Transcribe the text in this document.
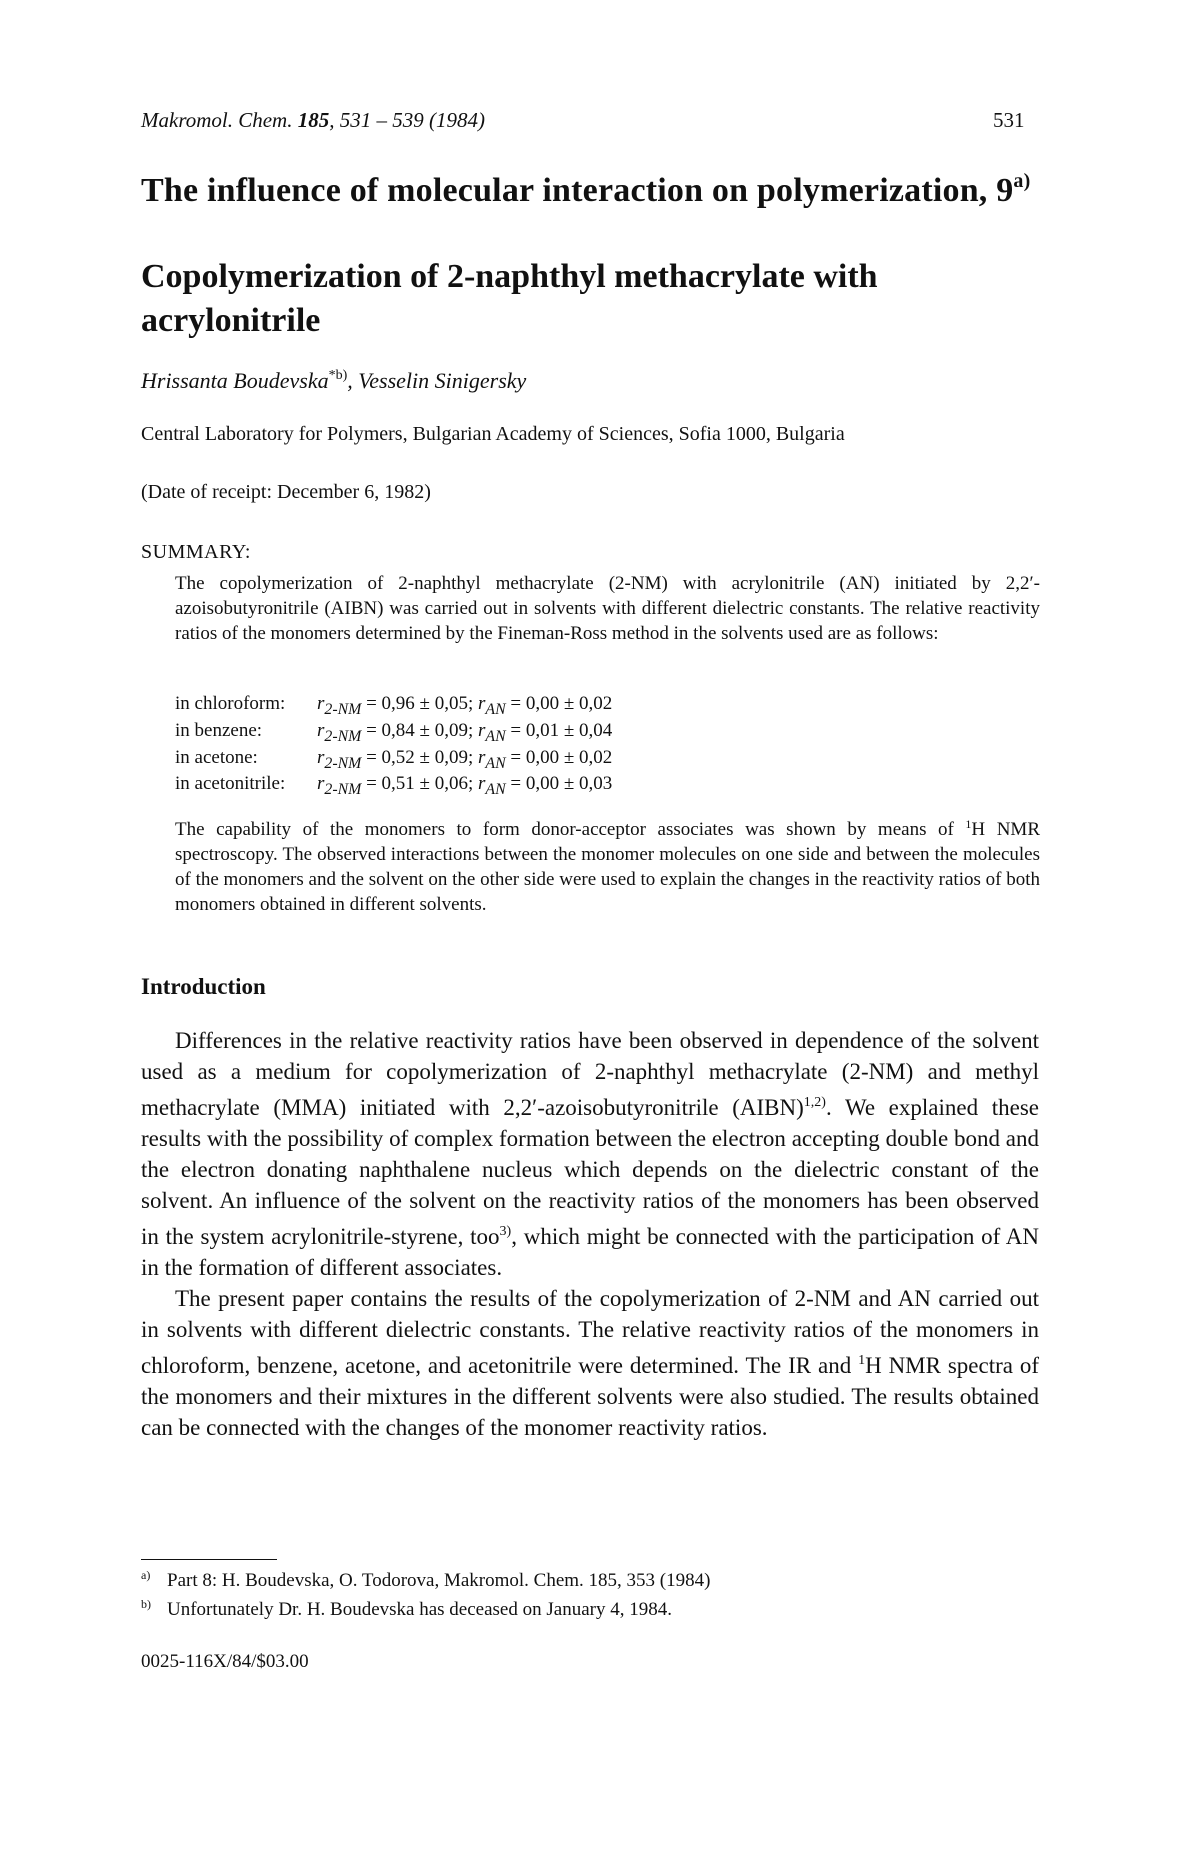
Makromol. Chem. 185, 531 – 539 (1984)	531
The influence of molecular interaction on polymerization, 9$^{a)}$
Copolymerization of 2-naphthyl methacrylate with acrylonitrile
Hrissanta Boudevska$^{*b)}$, Vesselin Sinigersky
Central Laboratory for Polymers, Bulgarian Academy of Sciences, Sofia 1000, Bulgaria
(Date of receipt: December 6, 1982)
SUMMARY:

The copolymerization of 2-naphthyl methacrylate (2-NM) with acrylonitrile (AN) initiated by 2,2′-azoisobutyronitrile (AIBN) was carried out in solvents with different dielectric constants. The relative reactivity ratios of the monomers determined by the Fineman-Ross method in the solvents used are as follows:

in chloroform:	$r_{2-NM} = 0,96 \pm 0,05$; $r_{AN} = 0,00 \pm 0,02$
in benzene:	$r_{2-NM} = 0,84 \pm 0,09$; $r_{AN} = 0,01 \pm 0,04$
in acetone:	$r_{2-NM} = 0,52 \pm 0,09$; $r_{AN} = 0,00 \pm 0,02$
in acetonitrile:	$r_{2-NM} = 0,51 \pm 0,06$; $r_{AN} = 0,00 \pm 0,03$
The capability of the monomers to form donor-acceptor associates was shown by means of $^1$H NMR spectroscopy. The observed interactions between the monomer molecules on one side and between the molecules of the monomers and the solvent on the other side were used to explain the changes in the reactivity ratios of both monomers obtained in different solvents.
Introduction

Differences in the relative reactivity ratios have been observed in dependence of the solvent used as a medium for copolymerization of 2-naphthyl methacrylate (2-NM) and methyl methacrylate (MMA) initiated with 2,2′-azoisobutyronitrile (AIBN)$^{1,2)}$. We explained these results with the possibility of complex formation between the electron accepting double bond and the electron donating naphthalene nucleus which depends on the dielectric constant of the solvent. An influence of the solvent on the reactivity ratios of the monomers has been observed in the system acrylonitrile-styrene, too$^{3)}$, which might be connected with the participation of AN in the formation of different associates.

The present paper contains the results of the copolymerization of 2-NM and AN carried out in solvents with different dielectric constants. The relative reactivity ratios of the monomers in chloroform, benzene, acetone, and acetonitrile were determined. The IR and $^1$H NMR spectra of the monomers and their mixtures in the different solvents were also studied. The results obtained can be connected with the changes of the monomer reactivity ratios.

$^{a)}$ Part 8: H. Boudevska, O. Todorova, Makromol. Chem. 185, 353 (1984)
$^{b)}$ Unfortunately Dr. H. Boudevska has deceased on January 4, 1984.
0025-116X/84/$03.00
